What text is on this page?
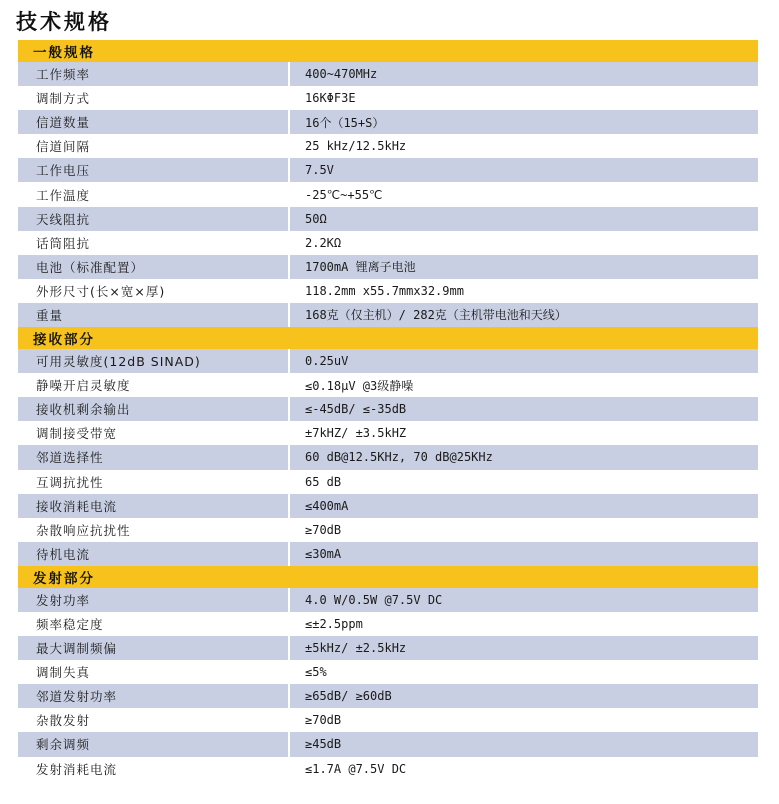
技术规格
一般规格
工作频率	400~470MHz
调制方式	16KΦF3E
信道数量	16个（15+S）
信道间隔	25 kHz/12.5kHz
工作电压	7.5V
工作温度	-25℃~+55℃
天线阻抗	50Ω
话筒阻抗	2.2KΩ
电池（标准配置）	1700mA 锂离子电池
外形尺寸(长×宽×厚)	118.2mm x55.7mmx32.9mm
重量	168克（仅主机）/ 282克（主机带电池和天线）
接收部分
可用灵敏度(12dB SINAD)	0.25uV
静噪开启灵敏度	≤0.18μV @3级静噪
接收机剩余输出	≤-45dB/ ≤-35dB
调制接受带宽	±7kHZ/ ±3.5kHZ
邻道选择性	60 dB@12.5KHz, 70 dB@25KHz
互调抗扰性	65 dB
接收消耗电流	≤400mA
杂散响应抗扰性	≥70dB
待机电流	≤30mA
发射部分
发射功率	4.0 W/0.5W @7.5V DC
频率稳定度	≤±2.5ppm
最大调制频偏	±5kHz/ ±2.5kHz
调制失真	≤5%
邻道发射功率	≥65dB/ ≥60dB
杂散发射	≥70dB
剩余调频	≥45dB
发射消耗电流	≤1.7A @7.5V DC
